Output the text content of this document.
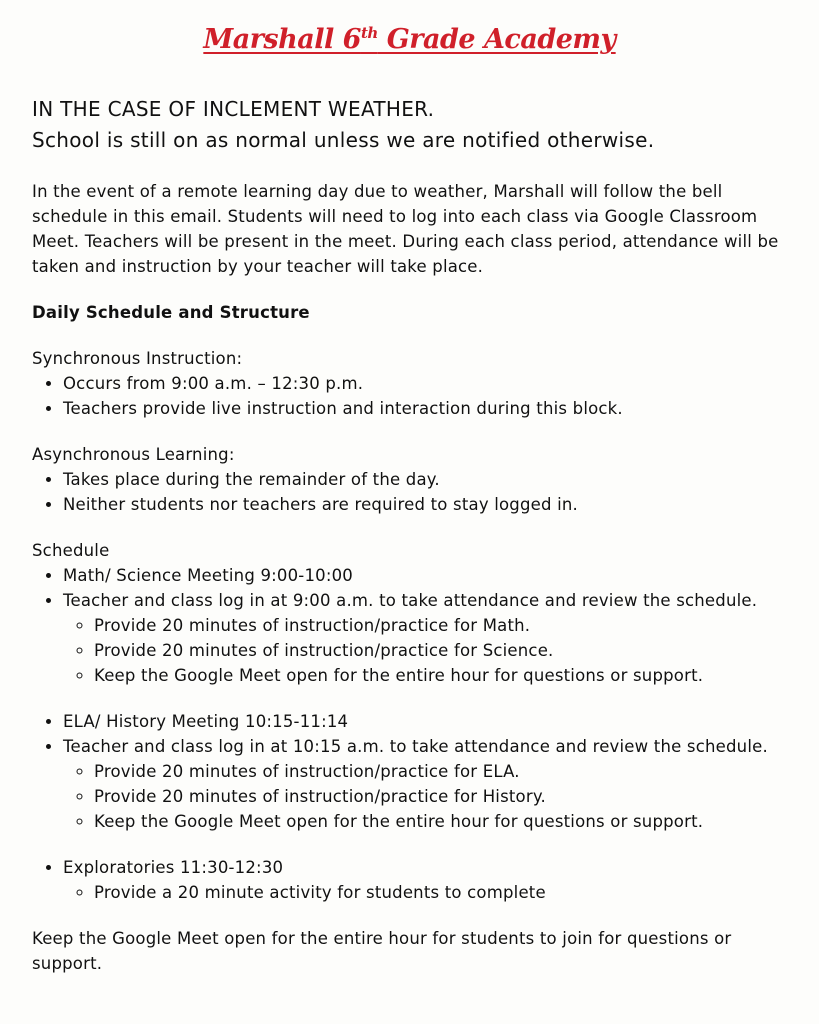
Marshall 6th Grade Academy

IN THE CASE OF INCLEMENT WEATHER.

School is still on as normal unless we are notified otherwise.

In the event of a remote learning day due to weather, Marshall will follow the bell schedule in this email. Students will need to log into each class via Google Classroom Meet. Teachers will be present in the meet. During each class period, attendance will be taken and instruction by your teacher will take place.

Daily Schedule and Structure

Synchronous Instruction:

• Occurs from 9:00 a.m. – 12:30 p.m.
• Teachers provide live instruction and interaction during this block.

Asynchronous Learning:

• Takes place during the remainder of the day.
• Neither students nor teachers are required to stay logged in.

Schedule

• Math/ Science Meeting 9:00-10:00
• Teacher and class log in at 9:00 a.m. to take attendance and review the schedule.
◦ Provide 20 minutes of instruction/practice for Math.
◦ Provide 20 minutes of instruction/practice for Science.
◦ Keep the Google Meet open for the entire hour for questions or support.
• ELA/ History Meeting 10:15-11:14
• Teacher and class log in at 10:15 a.m. to take attendance and review the schedule.
◦ Provide 20 minutes of instruction/practice for ELA.
◦ Provide 20 minutes of instruction/practice for History.
◦ Keep the Google Meet open for the entire hour for questions or support.
• Exploratories 11:30-12:30
◦ Provide a 20 minute activity for students to complete

Keep the Google Meet open for the entire hour for students to join for questions or support.
